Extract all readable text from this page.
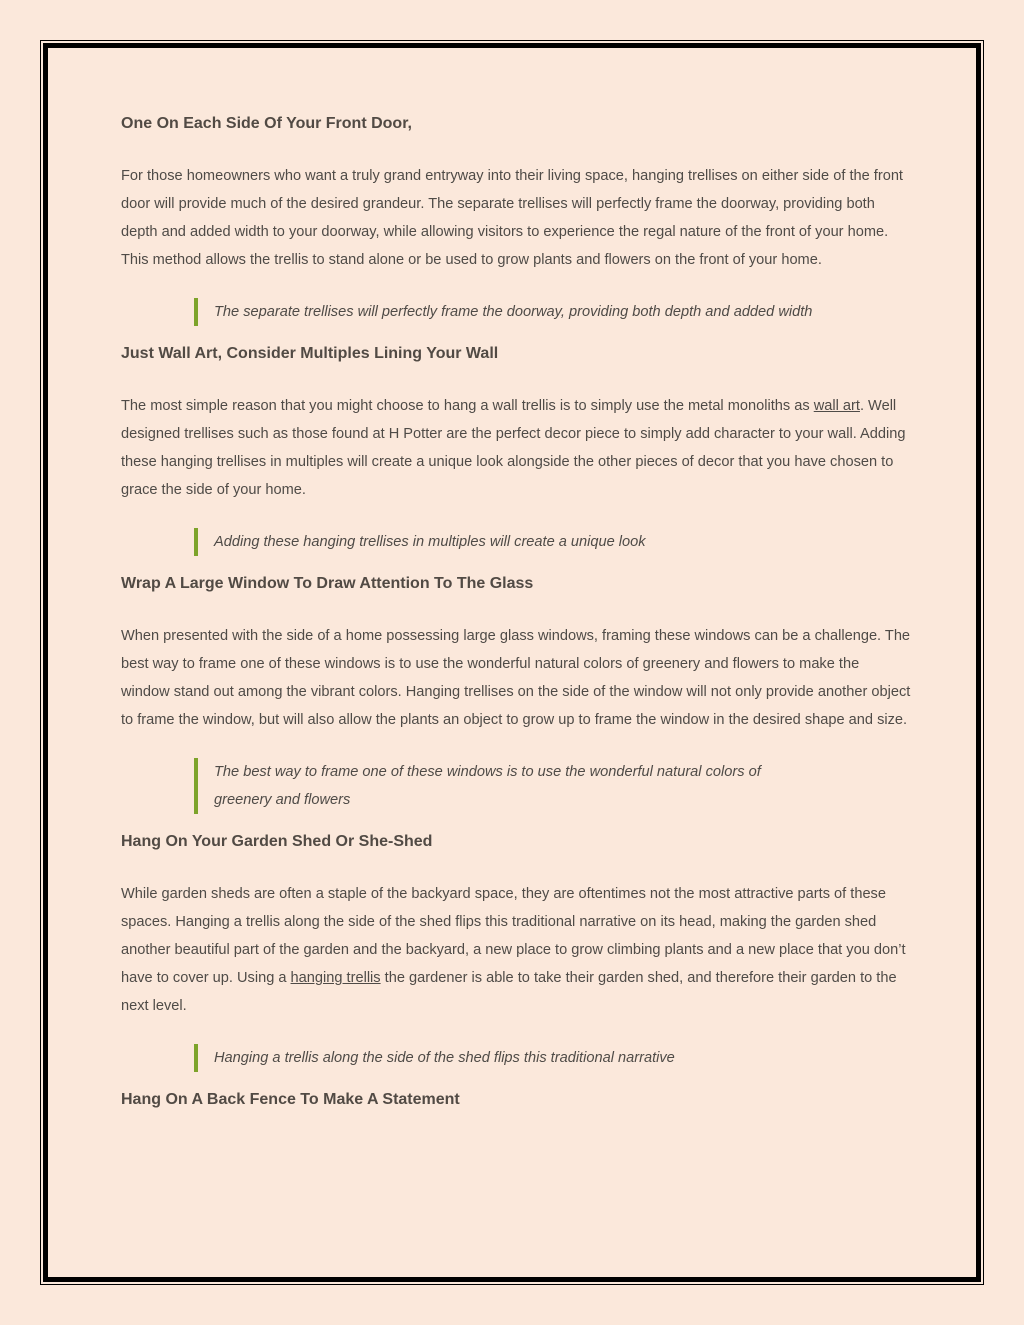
One On Each Side Of Your Front Door,

For those homeowners who want a truly grand entryway into their living space, hanging trellises on either side of the front door will provide much of the desired grandeur. The separate trellises will perfectly frame the doorway, providing both depth and added width to your doorway, while allowing visitors to experience the regal nature of the front of your home. This method allows the trellis to stand alone or be used to grow plants and flowers on the front of your home.

The separate trellises will perfectly frame the doorway, providing both depth and added width
Just Wall Art, Consider Multiples Lining Your Wall

The most simple reason that you might choose to hang a wall trellis is to simply use the metal monoliths as wall art. Well designed trellises such as those found at H Potter are the perfect decor piece to simply add character to your wall. Adding these hanging trellises in multiples will create a unique look alongside the other pieces of decor that you have chosen to grace the side of your home.

Adding these hanging trellises in multiples will create a unique look
Wrap A Large Window To Draw Attention To The Glass

When presented with the side of a home possessing large glass windows, framing these windows can be a challenge. The best way to frame one of these windows is to use the wonderful natural colors of greenery and flowers to make the window stand out among the vibrant colors. Hanging trellises on the side of the window will not only provide another object to frame the window, but will also allow the plants an object to grow up to frame the window in the desired shape and size.

The best way to frame one of these windows is to use the wonderful natural colors of greenery and flowers
Hang On Your Garden Shed Or She-Shed

While garden sheds are often a staple of the backyard space, they are oftentimes not the most attractive parts of these spaces. Hanging a trellis along the side of the shed flips this traditional narrative on its head, making the garden shed another beautiful part of the garden and the backyard, a new place to grow climbing plants and a new place that you don’t have to cover up. Using a hanging trellis the gardener is able to take their garden shed, and therefore their garden to the next level.

Hanging a trellis along the side of the shed flips this traditional narrative
Hang On A Back Fence To Make A Statement
